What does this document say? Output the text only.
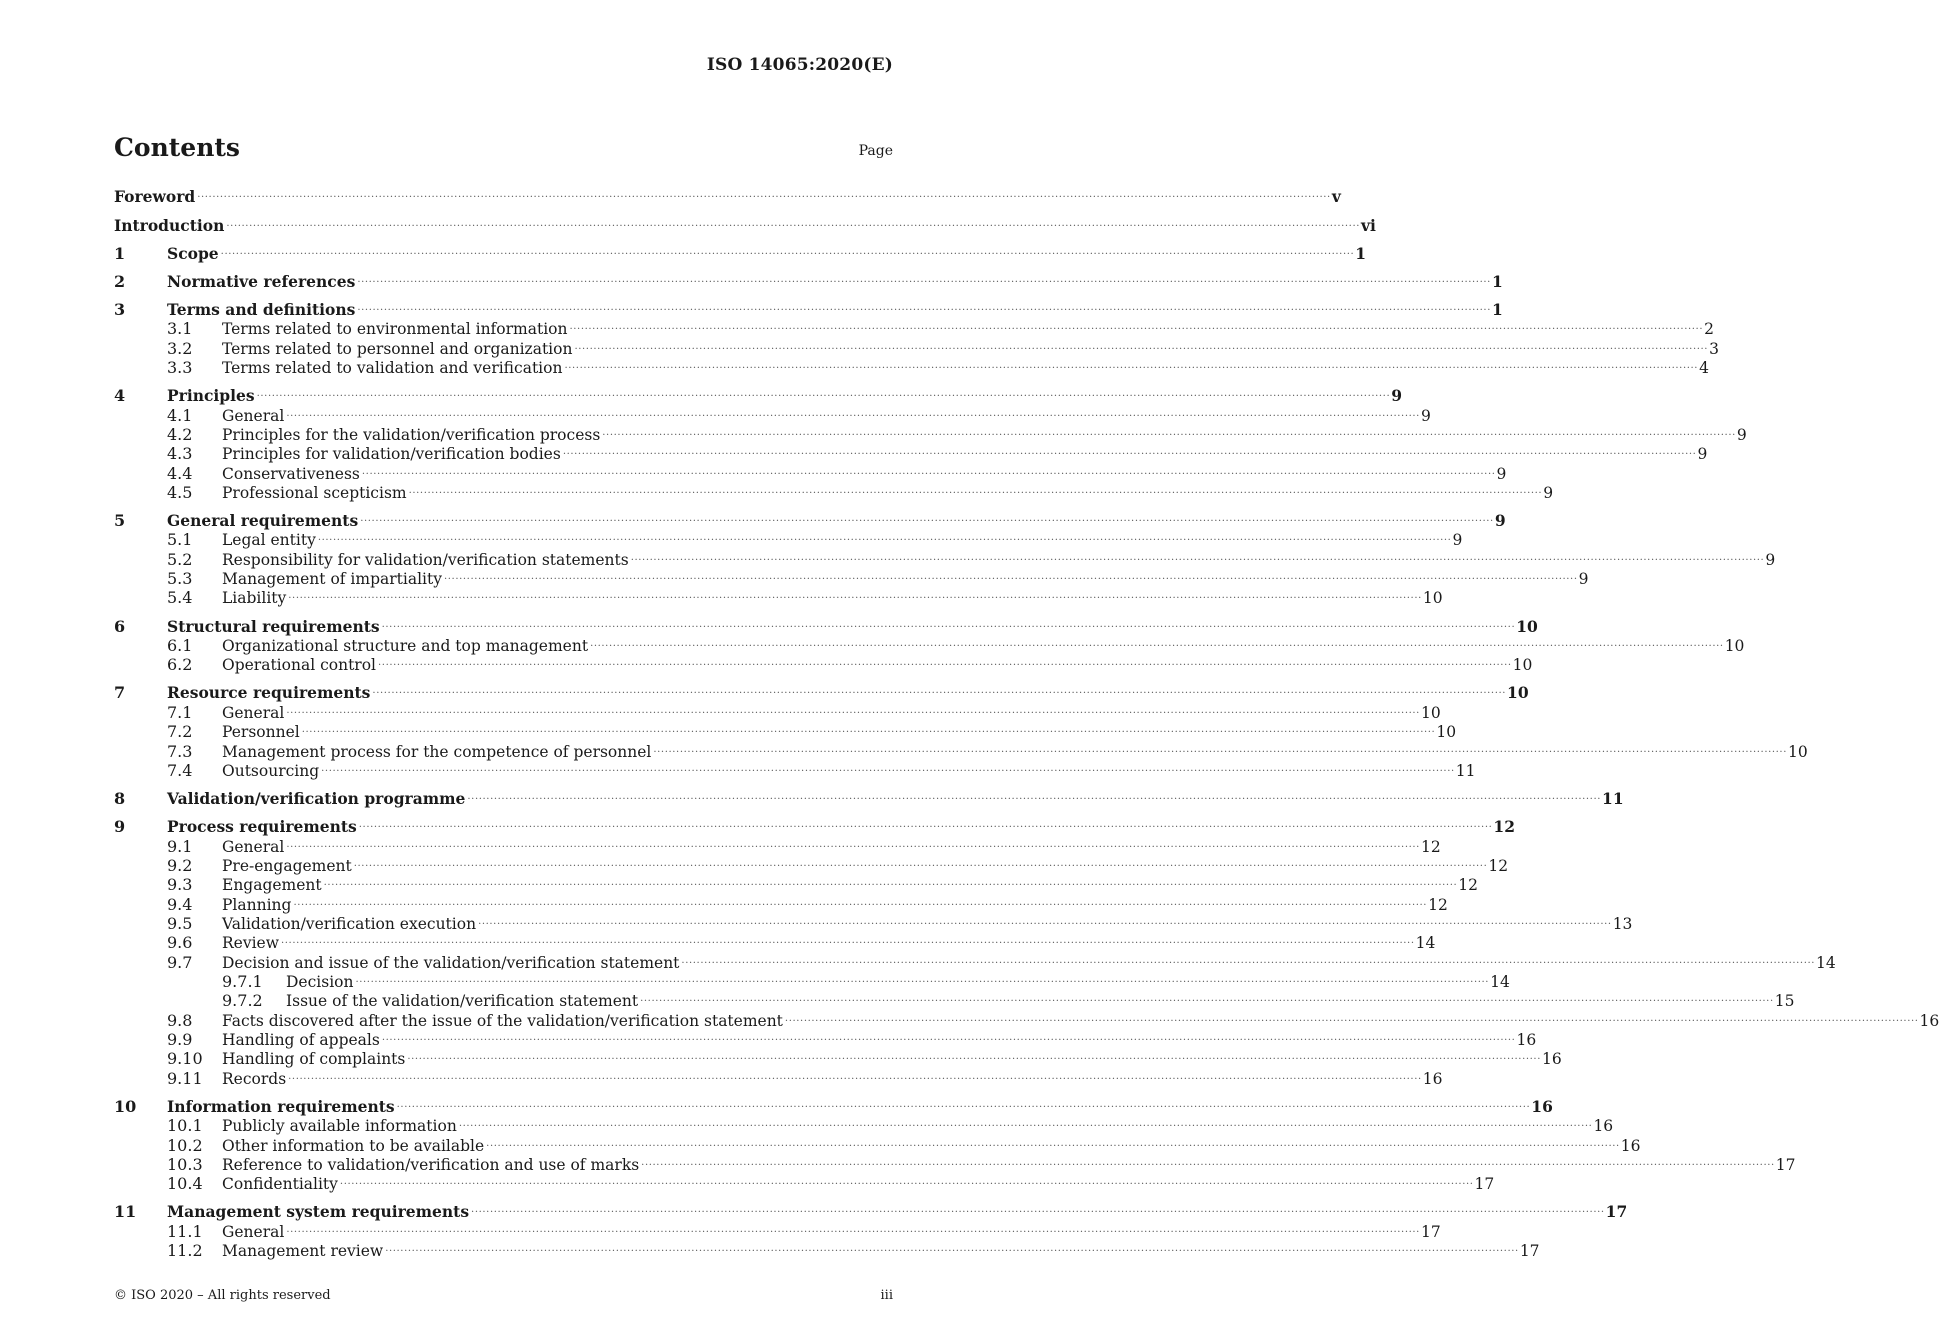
ISO 14065:2020(E)
Contents	Page
Foreword ............................................................................................................................................................................................................................................................................................................ v
Introduction ............................................................................................................................................................................................................................................................................................................ vi
1	Scope ............................................................................................................................................................................................................................................................................................................ 1
2	Normative references ............................................................................................................................................................................................................................................................................................................ 1
3	Terms and definitions ............................................................................................................................................................................................................................................................................................................ 1
3.1 Terms related to environmental information ............................................................................................................................................................................................................................................................................................................ 2
3.2 Terms related to personnel and organization ............................................................................................................................................................................................................................................................................................................ 3
3.3 Terms related to validation and verification ............................................................................................................................................................................................................................................................................................................ 4
4	Principles ............................................................................................................................................................................................................................................................................................................ 9
4.1 General ............................................................................................................................................................................................................................................................................................................ 9
4.2 Principles for the validation/verification process ............................................................................................................................................................................................................................................................................................................ 9
4.3 Principles for validation/verification bodies ............................................................................................................................................................................................................................................................................................................ 9
4.4 Conservativeness ............................................................................................................................................................................................................................................................................................................ 9
4.5 Professional scepticism ............................................................................................................................................................................................................................................................................................................ 9
5	General requirements ............................................................................................................................................................................................................................................................................................................ 9
5.1 Legal entity ............................................................................................................................................................................................................................................................................................................ 9
5.2 Responsibility for validation/verification statements ............................................................................................................................................................................................................................................................................................................ 9
5.3 Management of impartiality ............................................................................................................................................................................................................................................................................................................ 9
5.4 Liability ............................................................................................................................................................................................................................................................................................................ 10
6	Structural requirements ............................................................................................................................................................................................................................................................................................................ 10
6.1 Organizational structure and top management ............................................................................................................................................................................................................................................................................................................ 10
6.2 Operational control ............................................................................................................................................................................................................................................................................................................ 10
7	Resource requirements ............................................................................................................................................................................................................................................................................................................ 10
7.1 General ............................................................................................................................................................................................................................................................................................................ 10
7.2 Personnel ............................................................................................................................................................................................................................................................................................................ 10
7.3 Management process for the competence of personnel ............................................................................................................................................................................................................................................................................................................ 10
7.4 Outsourcing ............................................................................................................................................................................................................................................................................................................ 11
8	Validation/verification programme ............................................................................................................................................................................................................................................................................................................ 11
9	Process requirements ............................................................................................................................................................................................................................................................................................................ 12
9.1 General ............................................................................................................................................................................................................................................................................................................ 12
9.2 Pre-engagement ............................................................................................................................................................................................................................................................................................................ 12
9.3 Engagement ............................................................................................................................................................................................................................................................................................................ 12
9.4 Planning ............................................................................................................................................................................................................................................................................................................ 12
9.5 Validation/verification execution ............................................................................................................................................................................................................................................................................................................ 13
9.6 Review ............................................................................................................................................................................................................................................................................................................ 14
9.7 Decision and issue of the validation/verification statement ............................................................................................................................................................................................................................................................................................................ 14
9.7.1 Decision ............................................................................................................................................................................................................................................................................................................ 14
9.7.2 Issue of the validation/verification statement ............................................................................................................................................................................................................................................................................................................ 15
9.8 Facts discovered after the issue of the validation/verification statement ............................................................................................................................................................................................................................................................................................................ 16
9.9 Handling of appeals ............................................................................................................................................................................................................................................................................................................ 16
9.10 Handling of complaints ............................................................................................................................................................................................................................................................................................................ 16
9.11 Records ............................................................................................................................................................................................................................................................................................................ 16
10 Information requirements ............................................................................................................................................................................................................................................................................................................ 16
10.1 Publicly available information ............................................................................................................................................................................................................................................................................................................ 16
10.2 Other information to be available ............................................................................................................................................................................................................................................................................................................ 16
10.3 Reference to validation/verification and use of marks ............................................................................................................................................................................................................................................................................................................ 17
10.4 Confidentiality ............................................................................................................................................................................................................................................................................................................ 17
11 Management system requirements ............................................................................................................................................................................................................................................................................................................ 17
11.1 General ............................................................................................................................................................................................................................................................................................................ 17
11.2 Management review ............................................................................................................................................................................................................................................................................................................ 17
© ISO 2020 – All rights reserved	iii
